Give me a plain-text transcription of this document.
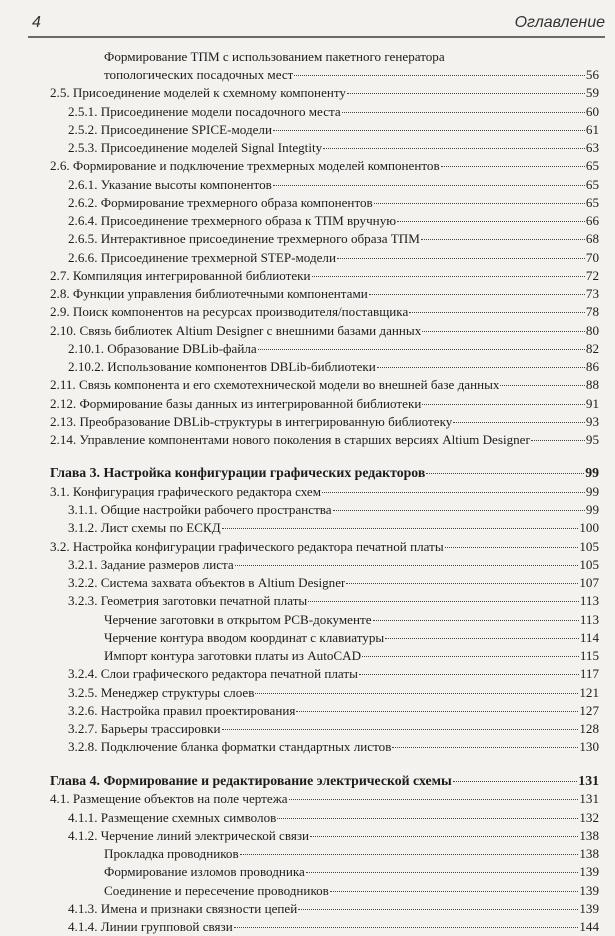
4	Оглавление
Формирование ТПМ с использованием пакетного генератора
топологических посадочных мест	56
2.5. Присоединение моделей к схемному компоненту	59
2.5.1. Присоединение модели посадочного места	60
2.5.2. Присоединение SPICE-модели	61
2.5.3. Присоединение моделей Signal Integtity	63
2.6. Формирование и подключение трехмерных моделей компонентов	65
2.6.1. Указание высоты компонентов	65
2.6.2. Формирование трехмерного образа компонентов	65
2.6.4. Присоединение трехмерного образа к ТПМ вручную	66
2.6.5. Интерактивное присоединение трехмерного образа ТПМ	68
2.6.6. Присоединение трехмерной STEP-модели	70
2.7. Компиляция интегрированной библиотеки	72
2.8. Функции управления библиотечными компонентами	73
2.9. Поиск компонентов на ресурсах производителя/поставщика	78
2.10. Связь библиотек Altium Designer с внешними базами данных	80
2.10.1. Образование DBLib-файла	82
2.10.2. Использование компонентов DBLib-библиотеки	86
2.11. Связь компонента и его схемотехнической модели во внешней базе данных	88
2.12. Формирование базы данных из интегрированной библиотеки	91
2.13. Преобразование DBLib-структуры в интегрированную библиотеку	93
2.14. Управление компонентами нового поколения в старших версиях Altium Designer	95
Глава 3. Настройка конфигурации графических редакторов	99
3.1. Конфигурация графического редактора схем	99
3.1.1. Общие настройки рабочего пространства	99
3.1.2. Лист схемы по ЕСКД	100
3.2. Настройка конфигурации графического редактора печатной платы	105
3.2.1. Задание размеров листа	105
3.2.2. Система захвата объектов в Altium Designer	107
3.2.3. Геометрия заготовки печатной платы	113
Черчение заготовки в открытом PCB-документе	113
Черчение контура вводом координат с клавиатуры	114
Импорт контура заготовки платы из AutoCAD	115
3.2.4. Слои графического редактора печатной платы	117
3.2.5. Менеджер структуры слоев	121
3.2.6. Настройка правил проектирования	127
3.2.7. Барьеры трассировки	128
3.2.8. Подключение бланка форматки стандартных листов	130
Глава 4. Формирование и редактирование электрической схемы	131
4.1. Размещение объектов на поле чертежа	131
4.1.1. Размещение схемных символов	132
4.1.2. Черчение линий электрической связи	138
Прокладка проводников	138
Формирование изломов проводника	139
Соединение и пересечение проводников	139
4.1.3. Имена и признаки связности цепей	139
4.1.4. Линии групповой связи	144
